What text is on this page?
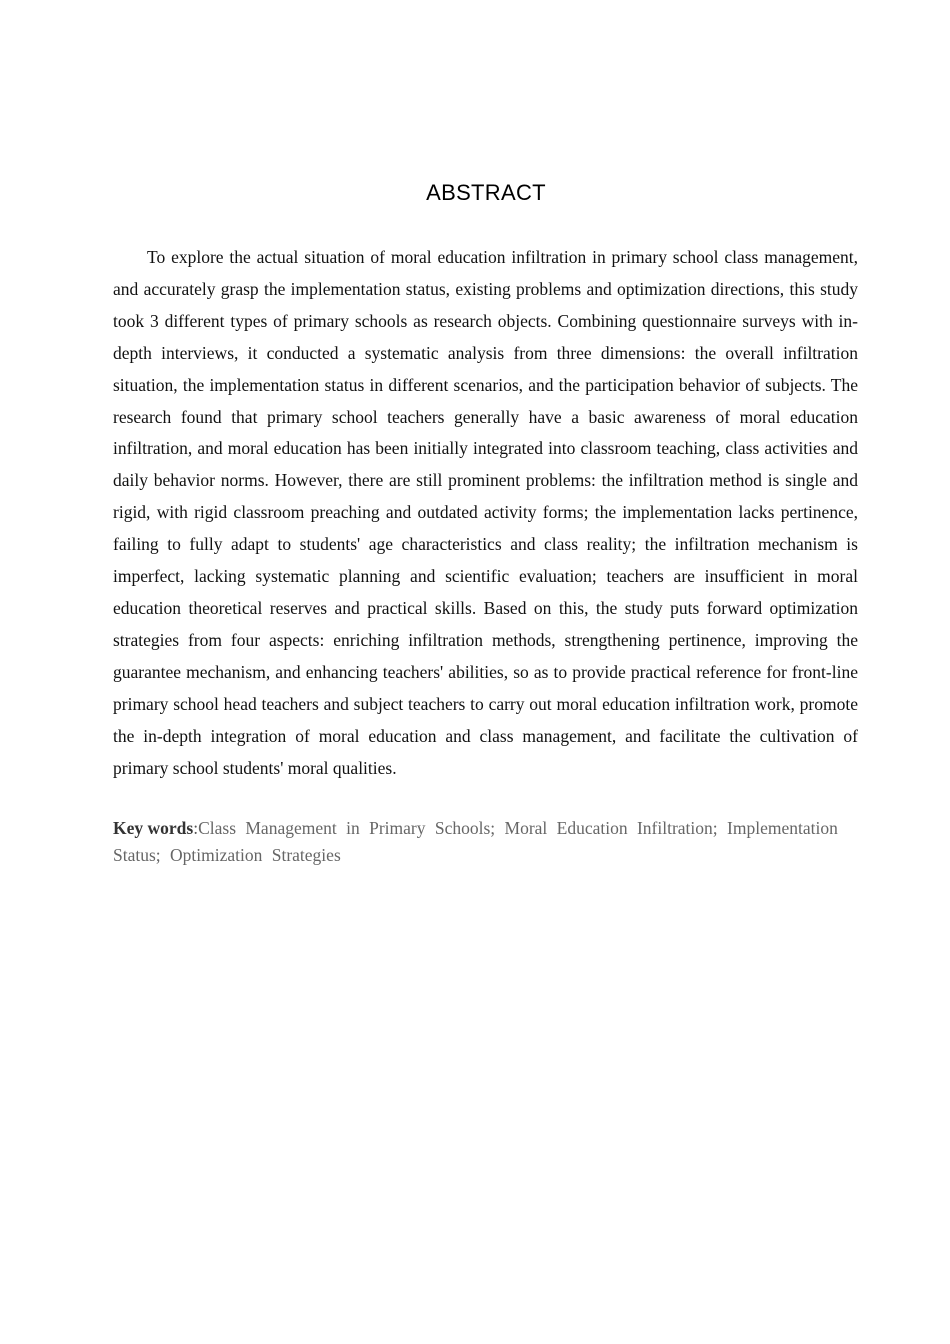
ABSTRACT

To explore the actual situation of moral education infiltration in primary school class management, and accurately grasp the implementation status, existing problems and optimization directions, this study took 3 different types of primary schools as research objects. Combining questionnaire surveys with in-depth interviews, it conducted a systematic analysis from three dimensions: the overall infiltration situation, the implementation status in different scenarios, and the participation behavior of subjects. The research found that primary school teachers generally have a basic awareness of moral education infiltration, and moral education has been initially integrated into classroom teaching, class activities and daily behavior norms. However, there are still prominent problems: the infiltration method is single and rigid, with rigid classroom preaching and outdated activity forms; the implementation lacks pertinence, failing to fully adapt to students' age characteristics and class reality; the infiltration mechanism is imperfect, lacking systematic planning and scientific evaluation; teachers are insufficient in moral education theoretical reserves and practical skills. Based on this, the study puts forward optimization strategies from four aspects: enriching infiltration methods, strengthening pertinence, improving the guarantee mechanism, and enhancing teachers' abilities, so as to provide practical reference for front-line primary school head teachers and subject teachers to carry out moral education infiltration work, promote the in-depth integration of moral education and class management, and facilitate the cultivation of primary school students' moral qualities.

Key words:Class Management in Primary Schools; Moral Education Infiltration; Implementation Status; Optimization Strategies
